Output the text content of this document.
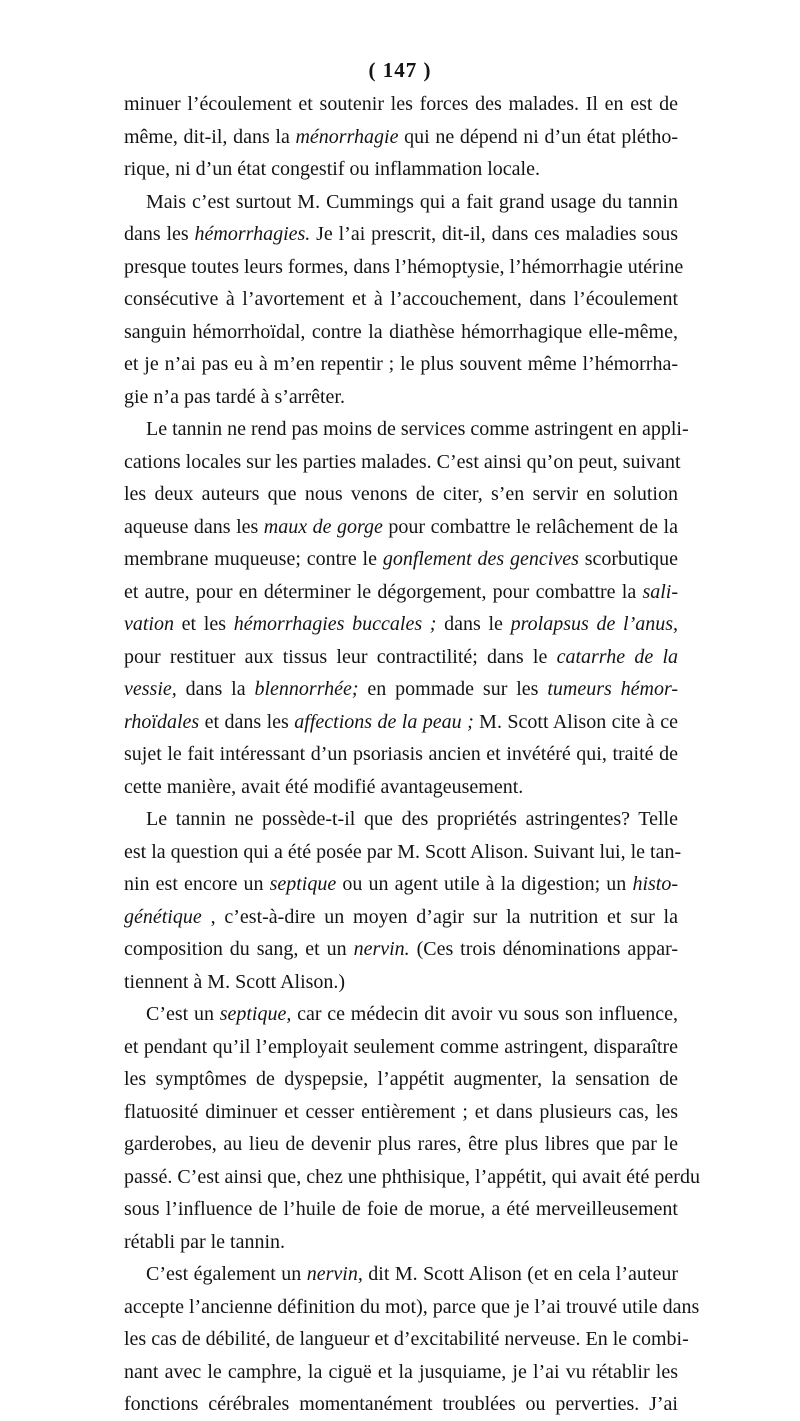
( 147 )
minuer l’écoulement et soutenir les forces des malades. Il en est de
même, dit-il, dans la ménorrhagie qui ne dépend ni d’un état plétho-
rique, ni d’un état congestif ou inflammation locale.
Mais c’est surtout M. Cummings qui a fait grand usage du tannin
dans les hémorrhagies. Je l’ai prescrit, dit-il, dans ces maladies sous
presque toutes leurs formes, dans l’hémoptysie, l’hémorrhagie utérine
consécutive à l’avortement et à l’accouchement, dans l’écoulement
sanguin hémorrhoïdal, contre la diathèse hémorrhagique elle-même,
et je n’ai pas eu à m’en repentir ; le plus souvent même l’hémorrha-
gie n’a pas tardé à s’arrêter.
Le tannin ne rend pas moins de services comme astringent en appli-
cations locales sur les parties malades. C’est ainsi qu’on peut, suivant
les deux auteurs que nous venons de citer, s’en servir en solution
aqueuse dans les maux de gorge pour combattre le relâchement de la
membrane muqueuse; contre le gonflement des gencives scorbutique
et autre, pour en déterminer le dégorgement, pour combattre la sali-
vation et les hémorrhagies buccales ; dans le prolapsus de l’anus,
pour restituer aux tissus leur contractilité; dans le catarrhe de la
vessie, dans la blennorrhée; en pommade sur les tumeurs hémor-
rhoïdales et dans les affections de la peau ; M. Scott Alison cite à ce
sujet le fait intéressant d’un psoriasis ancien et invétéré qui, traité de
cette manière, avait été modifié avantageusement.
Le tannin ne possède-t-il que des propriétés astringentes? Telle
est la question qui a été posée par M. Scott Alison. Suivant lui, le tan-
nin est encore un septique ou un agent utile à la digestion; un histo-
génétique , c’est-à-dire un moyen d’agir sur la nutrition et sur la
composition du sang, et un nervin. (Ces trois dénominations appar-
tiennent à M. Scott Alison.)
C’est un septique, car ce médecin dit avoir vu sous son influence,
et pendant qu’il l’employait seulement comme astringent, disparaître
les symptômes de dyspepsie, l’appétit augmenter, la sensation de
flatuosité diminuer et cesser entièrement ; et dans plusieurs cas, les
garderobes, au lieu de devenir plus rares, être plus libres que par le
passé. C’est ainsi que, chez une phthisique, l’appétit, qui avait été perdu
sous l’influence de l’huile de foie de morue, a été merveilleusement
rétabli par le tannin.
C’est également un nervin, dit M. Scott Alison (et en cela l’auteur
accepte l’ancienne définition du mot), parce que je l’ai trouvé utile dans
les cas de débilité, de langueur et d’excitabilité nerveuse. En le combi-
nant avec le camphre, la ciguë et la jusquiame, je l’ai vu rétablir les
fonctions cérébrales momentanément troublées ou perverties. J’ai
